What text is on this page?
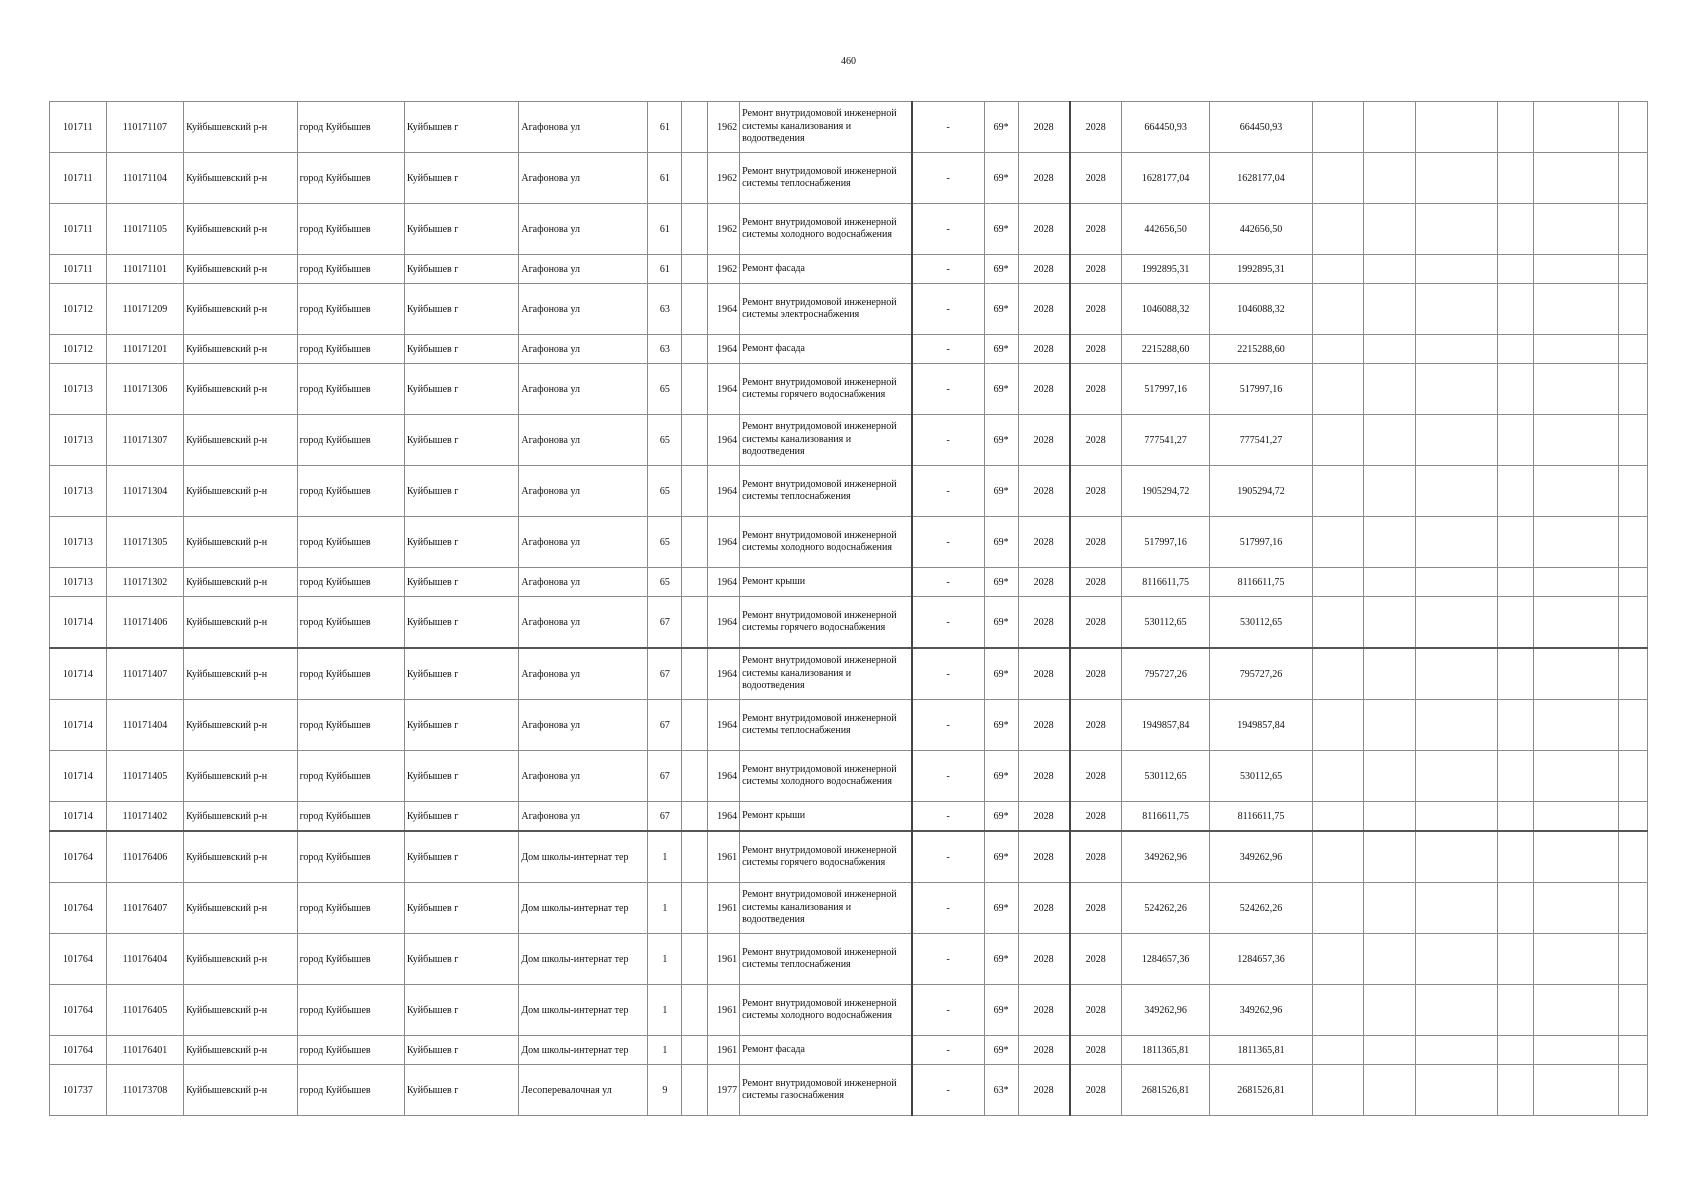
460
101711	110171107	Куйбышевский р-н	город Куйбышев	Куйбышев г	Агафонова ул	61		1962	Ремонт внутридомовой инженерной системы канализования и водоотведения	-	69*	2028	2028	664450,93	664450,93						
101711	110171104	Куйбышевский р-н	город Куйбышев	Куйбышев г	Агафонова ул	61		1962	Ремонт внутридомовой инженерной системы теплоснабжения	-	69*	2028	2028	1628177,04	1628177,04						
101711	110171105	Куйбышевский р-н	город Куйбышев	Куйбышев г	Агафонова ул	61		1962	Ремонт внутридомовой инженерной системы холодного водоснабжения	-	69*	2028	2028	442656,50	442656,50						
101711	110171101	Куйбышевский р-н	город Куйбышев	Куйбышев г	Агафонова ул	61		1962	Ремонт фасада	-	69*	2028	2028	1992895,31	1992895,31						
101712	110171209	Куйбышевский р-н	город Куйбышев	Куйбышев г	Агафонова ул	63		1964	Ремонт внутридомовой инженерной системы электроснабжения	-	69*	2028	2028	1046088,32	1046088,32						
101712	110171201	Куйбышевский р-н	город Куйбышев	Куйбышев г	Агафонова ул	63		1964	Ремонт фасада	-	69*	2028	2028	2215288,60	2215288,60						
101713	110171306	Куйбышевский р-н	город Куйбышев	Куйбышев г	Агафонова ул	65		1964	Ремонт внутридомовой инженерной системы горячего водоснабжения	-	69*	2028	2028	517997,16	517997,16						
101713	110171307	Куйбышевский р-н	город Куйбышев	Куйбышев г	Агафонова ул	65		1964	Ремонт внутридомовой инженерной системы канализования и водоотведения	-	69*	2028	2028	777541,27	777541,27						
101713	110171304	Куйбышевский р-н	город Куйбышев	Куйбышев г	Агафонова ул	65		1964	Ремонт внутридомовой инженерной системы теплоснабжения	-	69*	2028	2028	1905294,72	1905294,72						
101713	110171305	Куйбышевский р-н	город Куйбышев	Куйбышев г	Агафонова ул	65		1964	Ремонт внутридомовой инженерной системы холодного водоснабжения	-	69*	2028	2028	517997,16	517997,16						
101713	110171302	Куйбышевский р-н	город Куйбышев	Куйбышев г	Агафонова ул	65		1964	Ремонт крыши	-	69*	2028	2028	8116611,75	8116611,75						
101714	110171406	Куйбышевский р-н	город Куйбышев	Куйбышев г	Агафонова ул	67		1964	Ремонт внутридомовой инженерной системы горячего водоснабжения	-	69*	2028	2028	530112,65	530112,65						
101714	110171407	Куйбышевский р-н	город Куйбышев	Куйбышев г	Агафонова ул	67		1964	Ремонт внутридомовой инженерной системы канализования и водоотведения	-	69*	2028	2028	795727,26	795727,26						
101714	110171404	Куйбышевский р-н	город Куйбышев	Куйбышев г	Агафонова ул	67		1964	Ремонт внутридомовой инженерной системы теплоснабжения	-	69*	2028	2028	1949857,84	1949857,84						
101714	110171405	Куйбышевский р-н	город Куйбышев	Куйбышев г	Агафонова ул	67		1964	Ремонт внутридомовой инженерной системы холодного водоснабжения	-	69*	2028	2028	530112,65	530112,65						
101714	110171402	Куйбышевский р-н	город Куйбышев	Куйбышев г	Агафонова ул	67		1964	Ремонт крыши	-	69*	2028	2028	8116611,75	8116611,75						
101764	110176406	Куйбышевский р-н	город Куйбышев	Куйбышев г	Дом школы-интернат тер	1		1961	Ремонт внутридомовой инженерной системы горячего водоснабжения	-	69*	2028	2028	349262,96	349262,96						
101764	110176407	Куйбышевский р-н	город Куйбышев	Куйбышев г	Дом школы-интернат тер	1		1961	Ремонт внутридомовой инженерной системы канализования и водоотведения	-	69*	2028	2028	524262,26	524262,26						
101764	110176404	Куйбышевский р-н	город Куйбышев	Куйбышев г	Дом школы-интернат тер	1		1961	Ремонт внутридомовой инженерной системы теплоснабжения	-	69*	2028	2028	1284657,36	1284657,36						
101764	110176405	Куйбышевский р-н	город Куйбышев	Куйбышев г	Дом школы-интернат тер	1		1961	Ремонт внутридомовой инженерной системы холодного водоснабжения	-	69*	2028	2028	349262,96	349262,96						
101764	110176401	Куйбышевский р-н	город Куйбышев	Куйбышев г	Дом школы-интернат тер	1		1961	Ремонт фасада	-	69*	2028	2028	1811365,81	1811365,81						
101737	110173708	Куйбышевский р-н	город Куйбышев	Куйбышев г	Лесоперевалочная ул	9		1977	Ремонт внутридомовой инженерной системы газоснабжения	-	63*	2028	2028	2681526,81	2681526,81						
